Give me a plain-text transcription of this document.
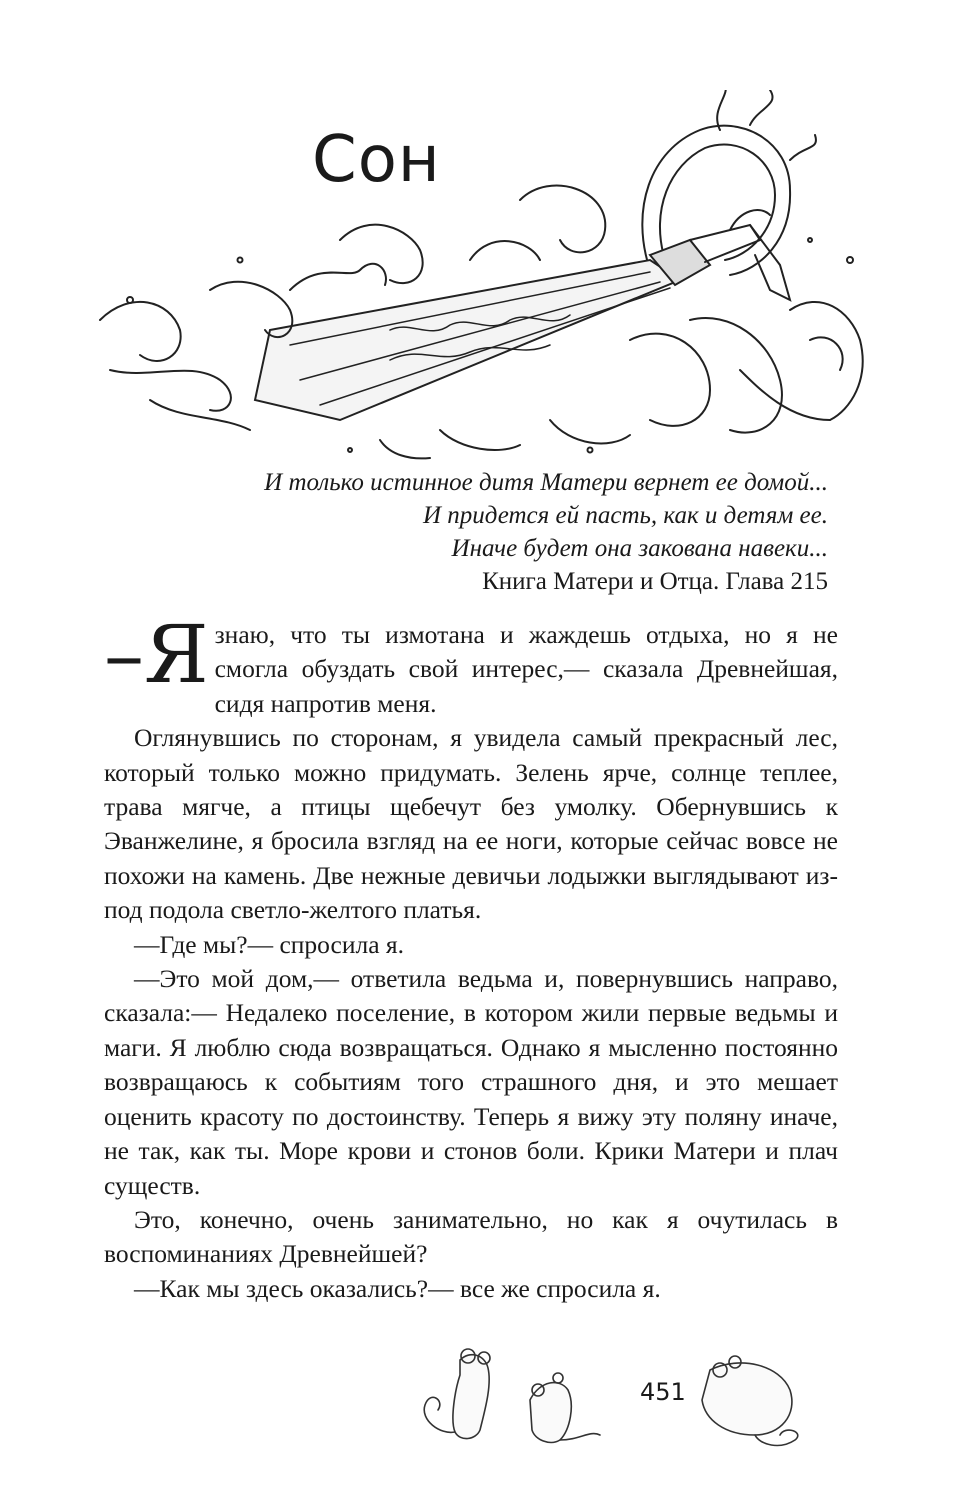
Сон
И только истинное дитя Матери вернет ее домой...
И придется ей пасть, как и детям ее.
Иначе будет она закована навеки...
Книга Матери и Отца. Глава 215

–Я знаю, что ты измотана и жаждешь отдыха, но я не смогла обуздать свой интерес,— сказала Древнейшая, сидя напротив меня.

Оглянувшись по сторонам, я увидела самый прекрасный лес, который только можно придумать. Зелень ярче, солнце теплее, трава мягче, а птицы щебечут без умолку. Обернувшись к Эванжелине, я бросила взгляд на ее ноги, которые сейчас вовсе не похожи на камень. Две нежные девичьи лодыжки выглядывают из-под подола светло-желтого платья.

—Где мы?— спросила я.

—Это мой дом,— ответила ведьма и, повернувшись направо, сказала:— Недалеко поселение, в котором жили первые ведьмы и маги. Я люблю сюда возвращаться. Однако я мысленно постоянно возвращаюсь к событиям того страшного дня, и это мешает оценить красоту по достоинству. Теперь я вижу эту поляну иначе, не так, как ты. Море крови и стонов боли. Крики Матери и плач существ.

Это, конечно, очень занимательно, но как я очутилась в воспоминаниях Древнейшей?

—Как мы здесь оказались?— все же спросила я.

451
